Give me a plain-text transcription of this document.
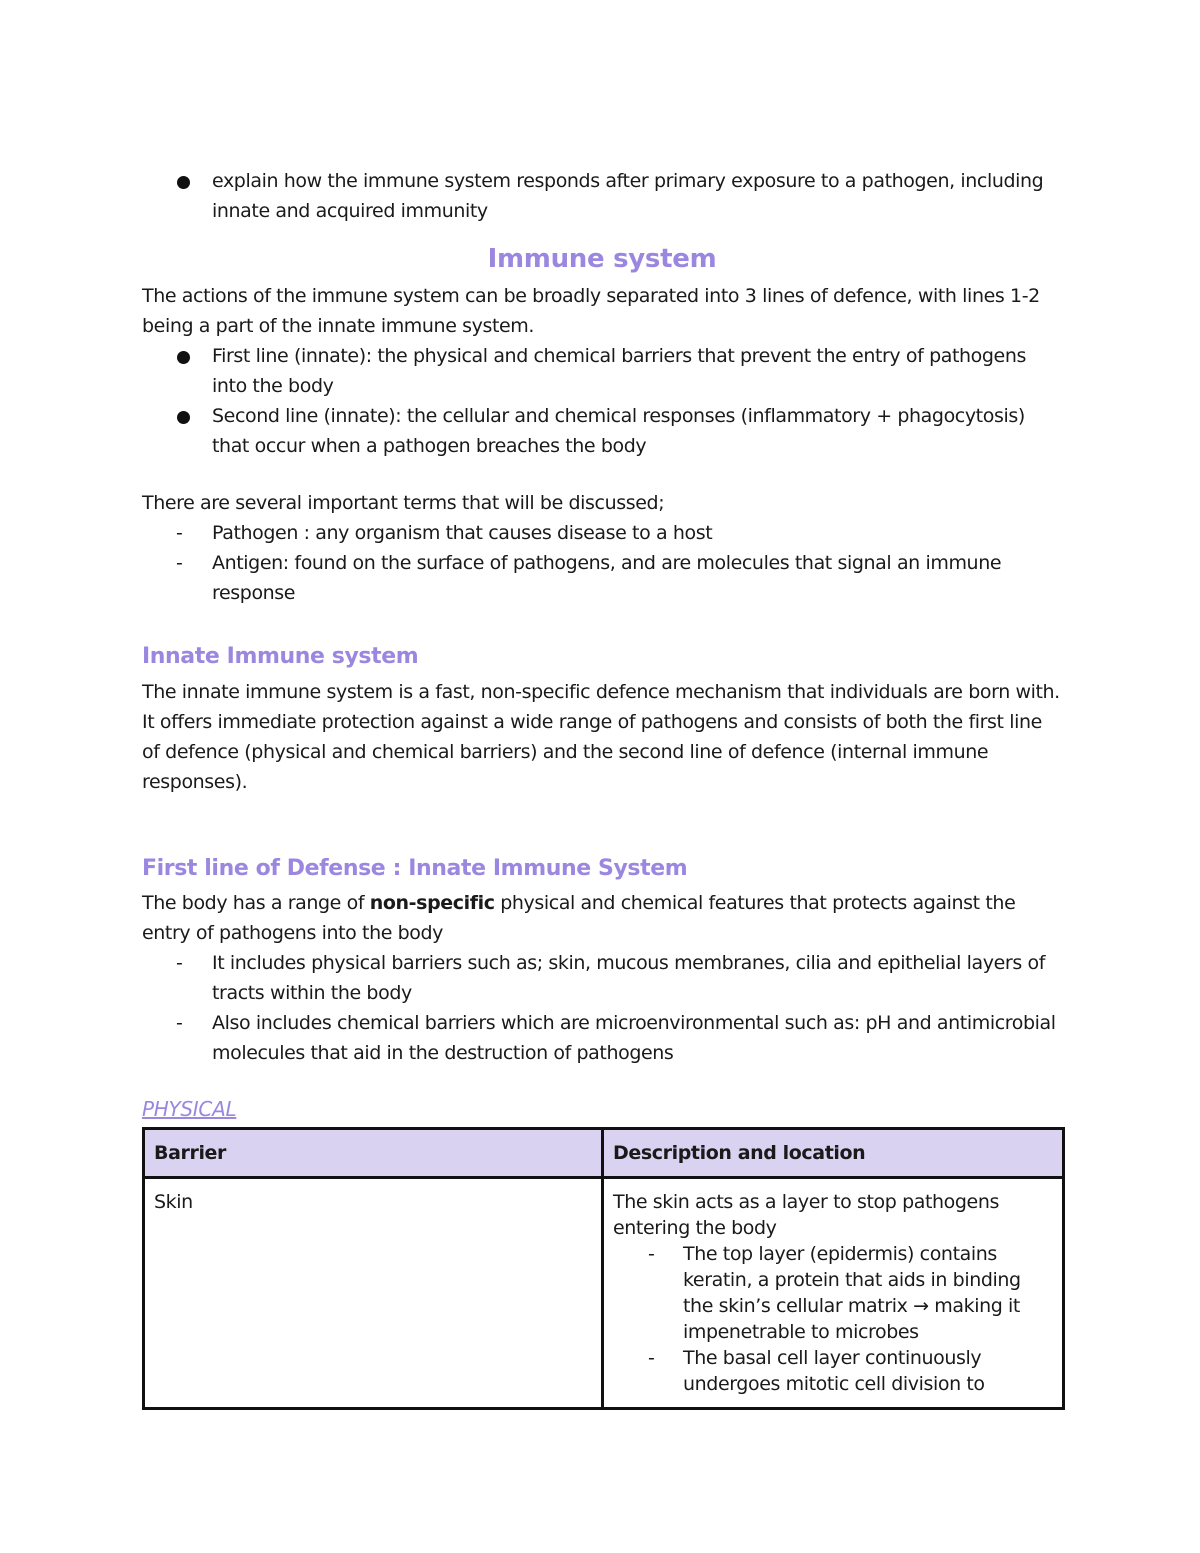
explain how the immune system responds after primary exposure to a pathogen, including innate and acquired immunity
Immune system

The actions of the immune system can be broadly separated into 3 lines of defence, with lines 1-2 being a part of the innate immune system.

First line (innate): the physical and chemical barriers that prevent the entry of pathogens into the body
Second line (innate): the cellular and chemical responses (inflammatory + phagocytosis) that occur when a pathogen breaches the body

There are several important terms that will be discussed;

- Pathogen : any organism that causes disease to a host
- Antigen: found on the surface of pathogens, and are molecules that signal an immune response
Innate Immune system

The innate immune system is a fast, non-specific defence mechanism that individuals are born with. It offers immediate protection against a wide range of pathogens and consists of both the first line of defence (physical and chemical barriers) and the second line of defence (internal immune responses).

First line of Defense : Innate Immune System

The body has a range of non-specific physical and chemical features that protects against the entry of pathogens into the body

- It includes physical barriers such as; skin, mucous membranes, cilia and epithelial layers of tracts within the body
- Also includes chemical barriers which are microenvironmental such as: pH and antimicrobial molecules that aid in the destruction of pathogens
PHYSICAL
Barrier	Description and location
Skin	The skin acts as a layer to stop pathogens entering the body
- The top layer (epidermis) contains keratin, a protein that aids in binding the skin’s cellular matrix → making it impenetrable to microbes
- The basal cell layer continuously undergoes mitotic cell division to
